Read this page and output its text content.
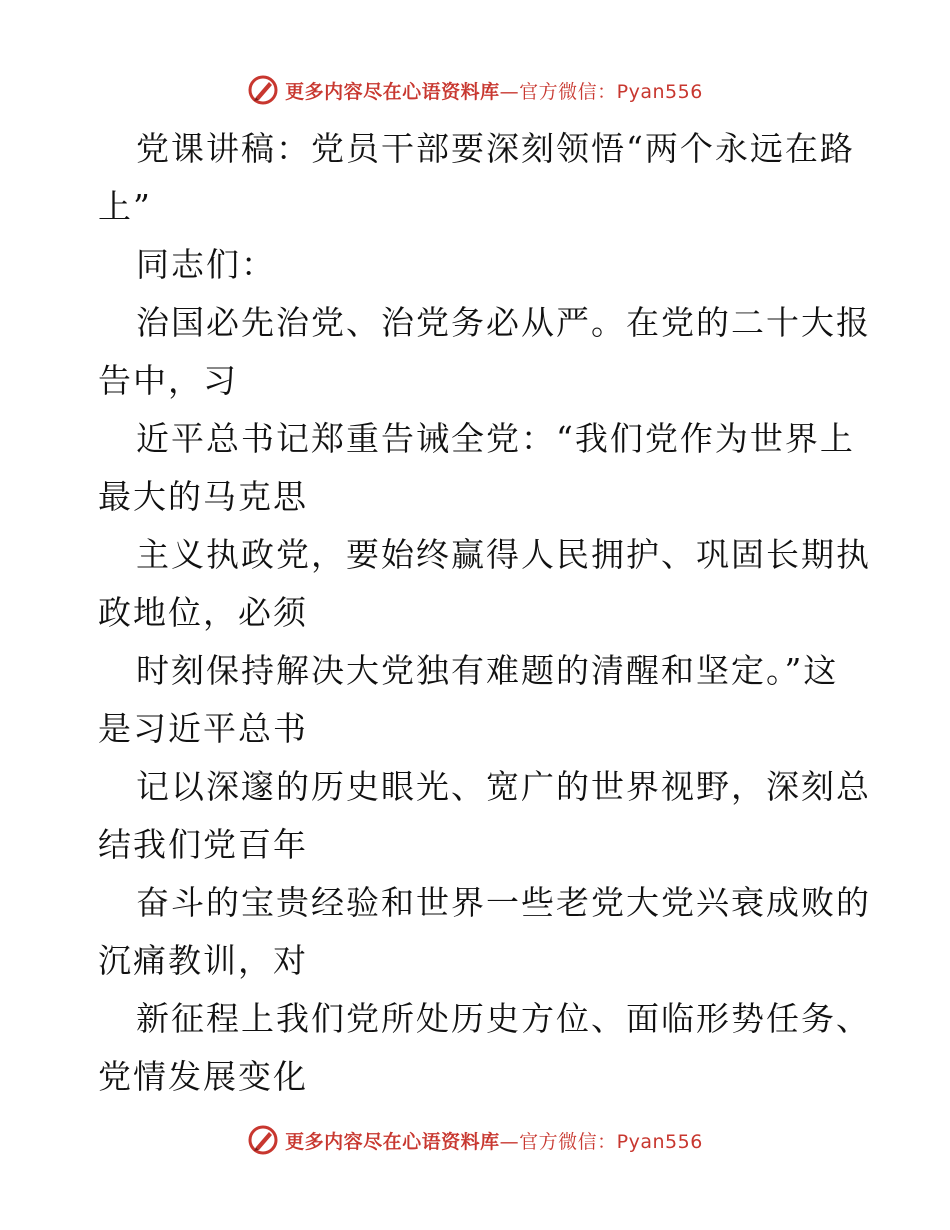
更多内容尽在心语资料库—官方微信：Pyan556
党课讲稿：党员干部要深刻领悟“两个永远在路
上”
同志们：
治国必先治党、治党务必从严。在党的二十大报
告中，习
近平总书记郑重告诫全党：“我们党作为世界上
最大的马克思
主义执政党，要始终赢得人民拥护、巩固长期执
政地位，必须
时刻保持解决大党独有难题的清醒和坚定。”这
是习近平总书
记以深邃的历史眼光、宽广的世界视野，深刻总
结我们党百年
奋斗的宝贵经验和世界一些老党大党兴衰成败的
沉痛教训，对
新征程上我们党所处历史方位、面临形势任务、
党情发展变化
更多内容尽在心语资料库—官方微信：Pyan556
